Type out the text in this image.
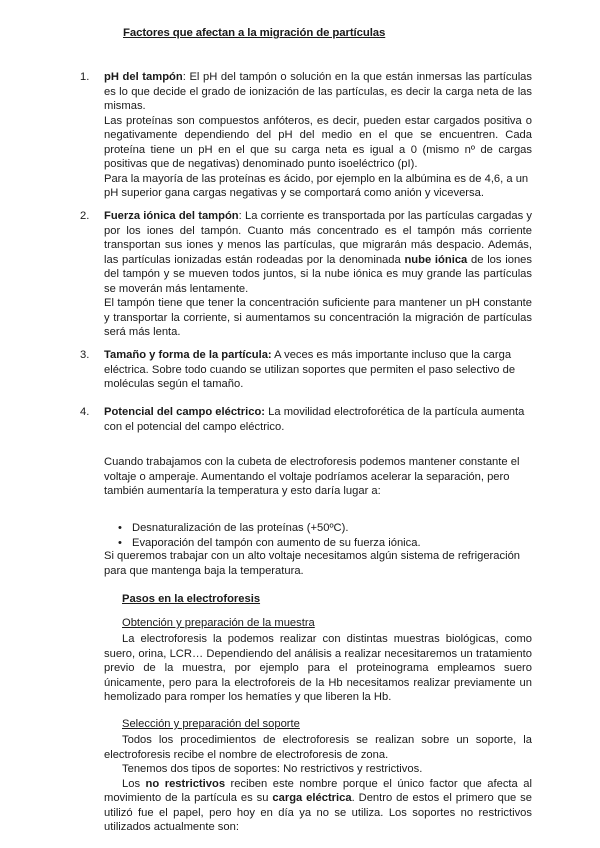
Factores que afectan a la migración de partículas
1. pH del tampón: El pH del tampón o solución en la que están inmersas las partículas es lo que decide el grado de ionización de las partículas, es decir la carga neta de las mismas.

Las proteínas son compuestos anfóteros, es decir, pueden estar cargados positiva o negativamente dependiendo del pH del medio en el que se encuentren. Cada proteína tiene un pH en el que su carga neta es igual a 0 (mismo nº de cargas positivas que de negativas) denominado punto isoeléctrico (pI).

Para la mayoría de las proteínas es ácido, por ejemplo en la albúmina es de 4,6, a un pH superior gana cargas negativas y se comportará como anión y viceversa.

2. Fuerza iónica del tampón: La corriente es transportada por las partículas cargadas y por los iones del tampón. Cuanto más concentrado es el tampón más corriente transportan sus iones y menos las partículas, que migrarán más despacio. Además, las partículas ionizadas están rodeadas por la denominada nube iónica de los iones del tampón y se mueven todos juntos, si la nube iónica es muy grande las partículas se moverán más lentamente.

El tampón tiene que tener la concentración suficiente para mantener un pH constante y transportar la corriente, si aumentamos su concentración la migración de partículas será más lenta.

3. Tamaño y forma de la partícula: A veces es más importante incluso que la carga eléctrica. Sobre todo cuando se utilizan soportes que permiten el paso selectivo de moléculas según el tamaño.

4. Potencial del campo eléctrico: La movilidad electroforética de la partícula aumenta con el potencial del campo eléctrico.

Cuando trabajamos con la cubeta de electroforesis podemos mantener constante el voltaje o amperaje. Aumentando el voltaje podríamos acelerar la separación, pero también aumentaría la temperatura y esto daría lugar a:
• Desnaturalización de las proteínas (+50ºC).
• Evaporación del tampón con aumento de su fuerza iónica.
Si queremos trabajar con un alto voltaje necesitamos algún sistema de refrigeración para que mantenga baja la temperatura.
Pasos en la electroforesis
Obtención y preparación de la muestra
La electroforesis la podemos realizar con distintas muestras biológicas, como suero, orina, LCR… Dependiendo del análisis a realizar necesitaremos un tratamiento previo de la muestra, por ejemplo para el proteinograma empleamos suero únicamente, pero para la electroforeis de la Hb necesitamos realizar previamente un hemolizado para romper los hematíes y que liberen la Hb.
Selección y preparación del soporte

Todos los procedimientos de electroforesis se realizan sobre un soporte, la electroforesis recibe el nombre de electroforesis de zona.

Tenemos dos tipos de soportes: No restrictivos y restrictivos.

Los no restrictivos reciben este nombre porque el único factor que afecta al movimiento de la partícula es su carga eléctrica. Dentro de estos el primero que se utilizó fue el papel, pero hoy en día ya no se utiliza. Los soportes no restrictivos utilizados actualmente son:
